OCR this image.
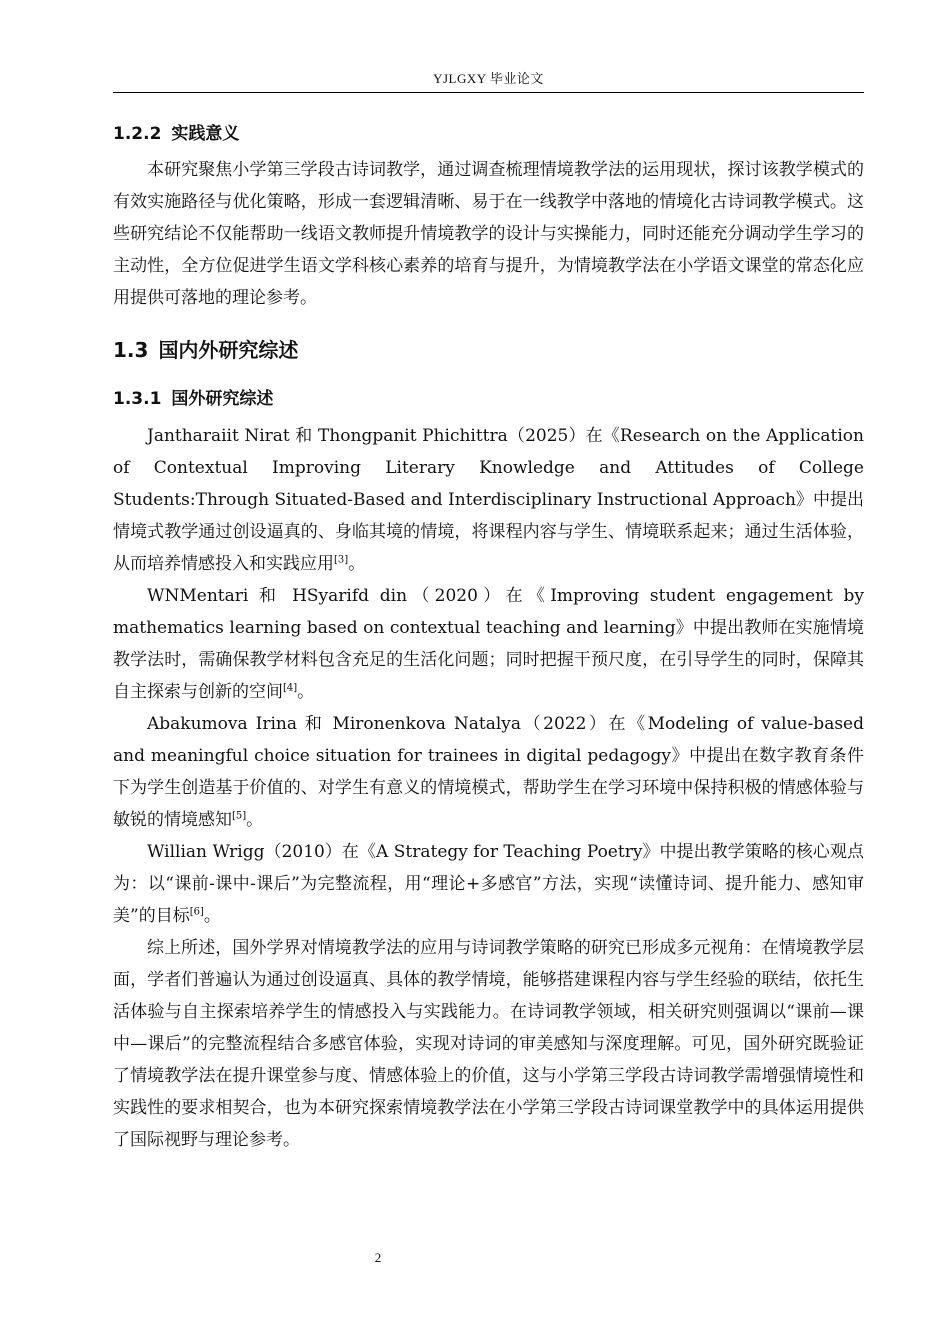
YJLGXY 毕业论文
1.2.2 实践意义

本研究聚焦小学第三学段古诗词教学，通过调查梳理情境教学法的运用现状，探讨该教学模式的有效实施路径与优化策略，形成一套逻辑清晰、易于在一线教学中落地的情境化古诗词教学模式。这些研究结论不仅能帮助一线语文教师提升情境教学的设计与实操能力，同时还能充分调动学生学习的主动性，全方位促进学生语文学科核心素养的培育与提升，为情境教学法在小学语文课堂的常态化应用提供可落地的理论参考。

1.3 国内外研究综述
1.3.1 国外研究综述

Jantharaiit Nirat 和 Thongpanit Phichittra（2025）在《Research on the Application of Contextual Improving Literary Knowledge and Attitudes of College Students:Through Situated-Based and Interdisciplinary Instructional Approach》中提出情境式教学通过创设逼真的、身临其境的情境，将课程内容与学生、情境联系起来；通过生活体验，从而培养情感投入和实践应用[3]。

WNMentari 和 HSyarifd din（2020）在《Improving student engagement by mathematics learning based on contextual teaching and learning》中提出教师在实施情境教学法时，需确保教学材料包含充足的生活化问题；同时把握干预尺度，在引导学生的同时，保障其自主探索与创新的空间[4]。

Abakumova Irina 和 Mironenkova Natalya（2022）在《Modeling of value-based and meaningful choice situation for trainees in digital pedagogy》中提出在数字教育条件下为学生创造基于价值的、对学生有意义的情境模式，帮助学生在学习环境中保持积极的情感体验与敏锐的情境感知[5]。

Willian Wrigg（2010）在《A Strategy for Teaching Poetry》中提出教学策略的核心观点为：以“课前-课中-课后”为完整流程，用“理论+多感官”方法，实现“读懂诗词、提升能力、感知审美”的目标[6]。

综上所述，国外学界对情境教学法的应用与诗词教学策略的研究已形成多元视角：在情境教学层面，学者们普遍认为通过创设逼真、具体的教学情境，能够搭建课程内容与学生经验的联结，依托生活体验与自主探索培养学生的情感投入与实践能力。在诗词教学领域，相关研究则强调以“课前—课中—课后”的完整流程结合多感官体验，实现对诗词的审美感知与深度理解。可见，国外研究既验证了情境教学法在提升课堂参与度、情感体验上的价值，这与小学第三学段古诗词教学需增强情境性和实践性的要求相契合，也为本研究探索情境教学法在小学第三学段古诗词课堂教学中的具体运用提供了国际视野与理论参考。

2
